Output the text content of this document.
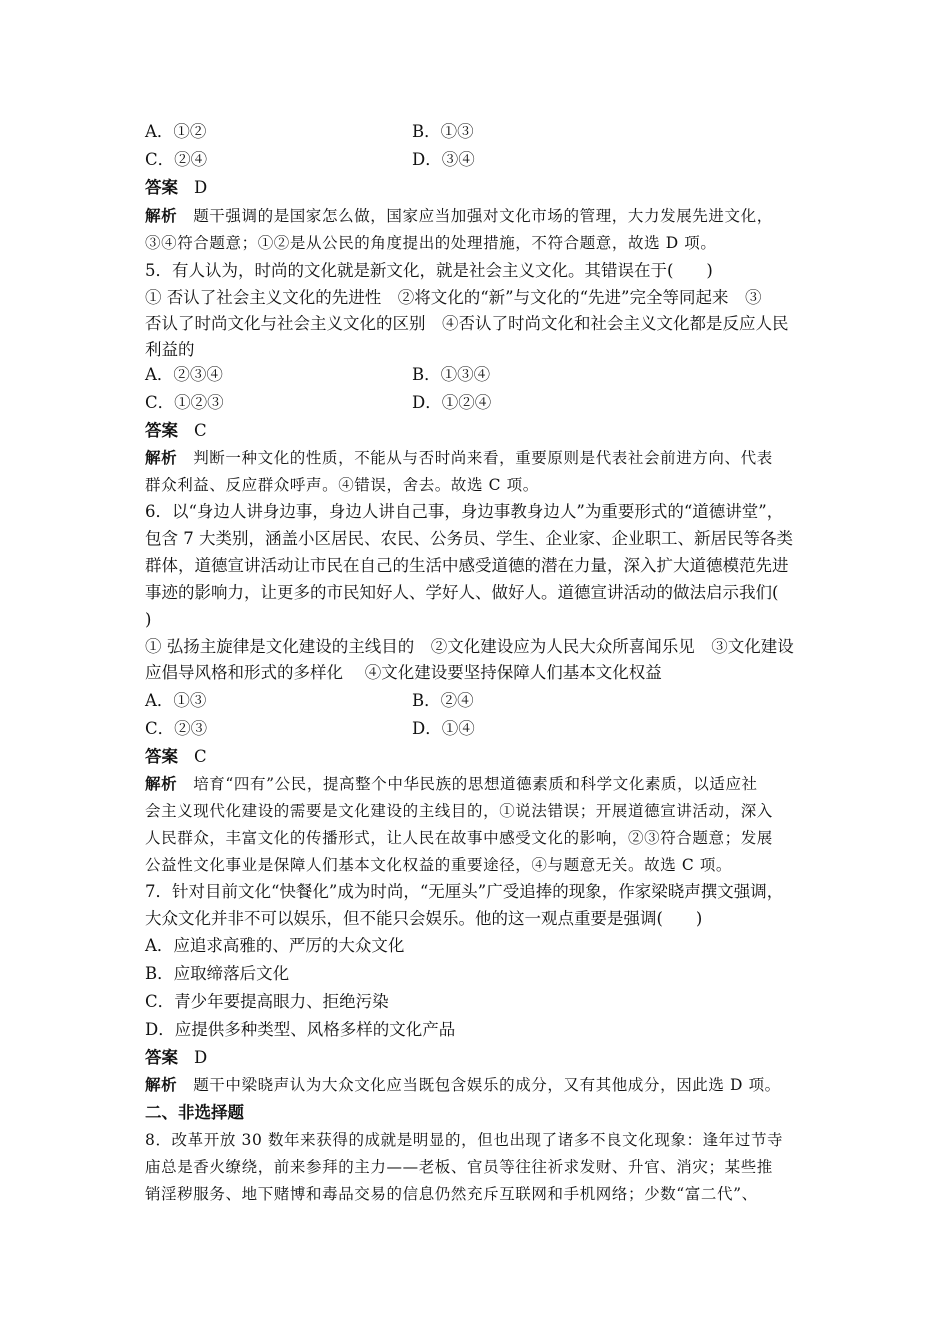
A．①②	B．①③
C．②④	D．③④
答案 D
解析 题干强调的是国家怎么做，国家应当加强对文化市场的管理，大力发展先进文化，
③④符合题意；①②是从公民的角度提出的处理措施，不符合题意，故选 D 项。
5．有人认为，时尚的文化就是新文化，就是社会主义文化。其错误在于(　　)
① 否认了社会主义文化的先进性　②将文化的“新”与文化的“先进”完全等同起来　③
否认了时尚文化与社会主义文化的区别　④否认了时尚文化和社会主义文化都是反应人民
利益的
A．②③④	B．①③④
C．①②③	D．①②④
答案 C
解析 判断一种文化的性质，不能从与否时尚来看，重要原则是代表社会前进方向、代表
群众利益、反应群众呼声。④错误，舍去。故选 C 项。
6．以“身边人讲身边事，身边人讲自己事，身边事教身边人”为重要形式的“道德讲堂”，
包含 7 大类别，涵盖小区居民、农民、公务员、学生、企业家、企业职工、新居民等各类
群体，道德宣讲活动让市民在自己的生活中感受道德的潜在力量，深入扩大道德模范先进
事迹的影响力，让更多的市民知好人、学好人、做好人。道德宣讲活动的做法启示我们(
)
① 弘扬主旋律是文化建设的主线目的　②文化建设应为人民大众所喜闻乐见　③文化建设
应倡导风格和形式的多样化　 ④文化建设要坚持保障人们基本文化权益
A．①③	B．②④
C．②③	D．①④
答案 C
解析 培育“四有”公民，提高整个中华民族的思想道德素质和科学文化素质，以适应社
会主义现代化建设的需要是文化建设的主线目的，①说法错误；开展道德宣讲活动，深入
人民群众，丰富文化的传播形式，让人民在故事中感受文化的影响，②③符合题意；发展
公益性文化事业是保障人们基本文化权益的重要途径，④与题意无关。故选 C 项。
7．针对目前文化“快餐化”成为时尚，“无厘头”广受追捧的现象，作家梁晓声撰文强调，
大众文化并非不可以娱乐，但不能只会娱乐。他的这一观点重要是强调(　　)
A．应追求高雅的、严厉的大众文化
B．应取缔落后文化
C．青少年要提高眼力、拒绝污染
D．应提供多种类型、风格多样的文化产品
答案 D
解析 题干中梁晓声认为大众文化应当既包含娱乐的成分，又有其他成分，因此选 D 项。
二、非选择题
8．改革开放 30 数年来获得的成就是明显的，但也出现了诸多不良文化现象：逢年过节寺
庙总是香火缭绕，前来参拜的主力——老板、官员等往往祈求发财、升官、消灾；某些推
销淫秽服务、地下赌博和毒品交易的信息仍然充斥互联网和手机网络；少数“富二代”、
